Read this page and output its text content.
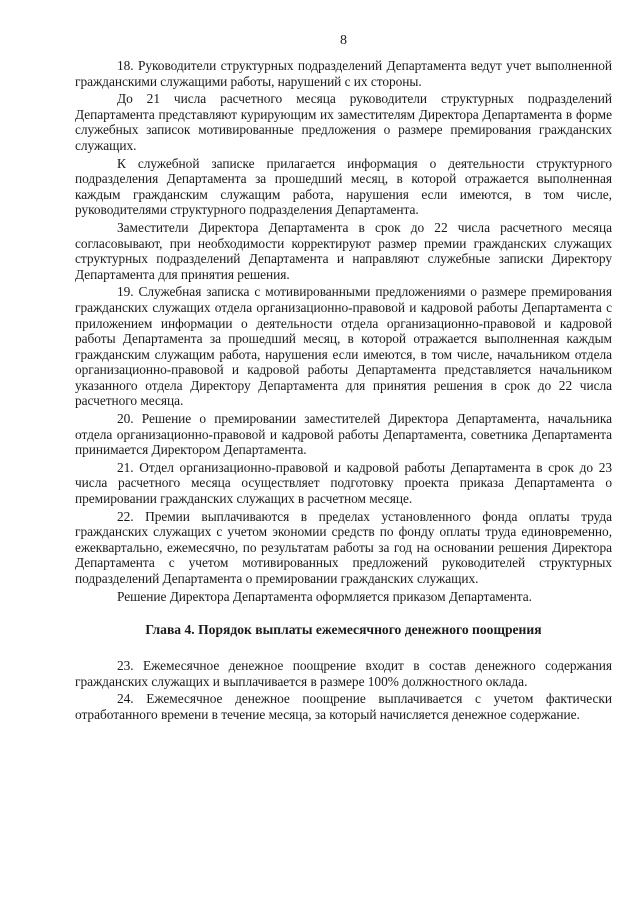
8

18. Руководители структурных подразделений Департамента ведут учет выполненной гражданскими служащими работы, нарушений с их стороны.

До 21 числа расчетного месяца руководители структурных подразделений Департамента представляют курирующим их заместителям Директора Департамента в форме служебных записок мотивированные предложения о размере премирования гражданских служащих.

К служебной записке прилагается информация о деятельности структурного подразделения Департамента за прошедший месяц, в которой отражается выполненная каждым гражданским служащим работа, нарушения если имеются, в том числе, руководителями структурного подразделения Департамента.

Заместители Директора Департамента в срок до 22 числа расчетного месяца согласовывают, при необходимости корректируют размер премии гражданских служащих структурных подразделений Департамента и направляют служебные записки Директору Департамента для принятия решения.

19. Служебная записка с мотивированными предложениями о размере премирования гражданских служащих отдела организационно-правовой и кадровой работы Департамента с приложением информации о деятельности отдела организационно-правовой и кадровой работы Департамента за прошедший месяц, в которой отражается выполненная каждым гражданским служащим работа, нарушения если имеются, в том числе, начальником отдела организационно-правовой и кадровой работы Департамента представляется начальником указанного отдела Директору Департамента для принятия решения в срок до 22 числа расчетного месяца.

20. Решение о премировании заместителей Директора Департамента, начальника отдела организационно-правовой и кадровой работы Департамента, советника Департамента принимается Директором Департамента.

21. Отдел организационно-правовой и кадровой работы Департамента в срок до 23 числа расчетного месяца осуществляет подготовку проекта приказа Департамента о премировании гражданских служащих в расчетном месяце.

22. Премии выплачиваются в пределах установленного фонда оплаты труда гражданских служащих с учетом экономии средств по фонду оплаты труда единовременно, ежеквартально, ежемесячно, по результатам работы за год на основании решения Директора Департамента с учетом мотивированных предложений руководителей структурных подразделений Департамента о премировании гражданских служащих.

Решение Директора Департамента оформляется приказом Департамента.

Глава 4. Порядок выплаты ежемесячного денежного поощрения

23. Ежемесячное денежное поощрение входит в состав денежного содержания гражданских служащих и выплачивается в размере 100% должностного оклада.

24. Ежемесячное денежное поощрение выплачивается с учетом фактически отработанного времени в течение месяца, за который начисляется денежное содержание.
